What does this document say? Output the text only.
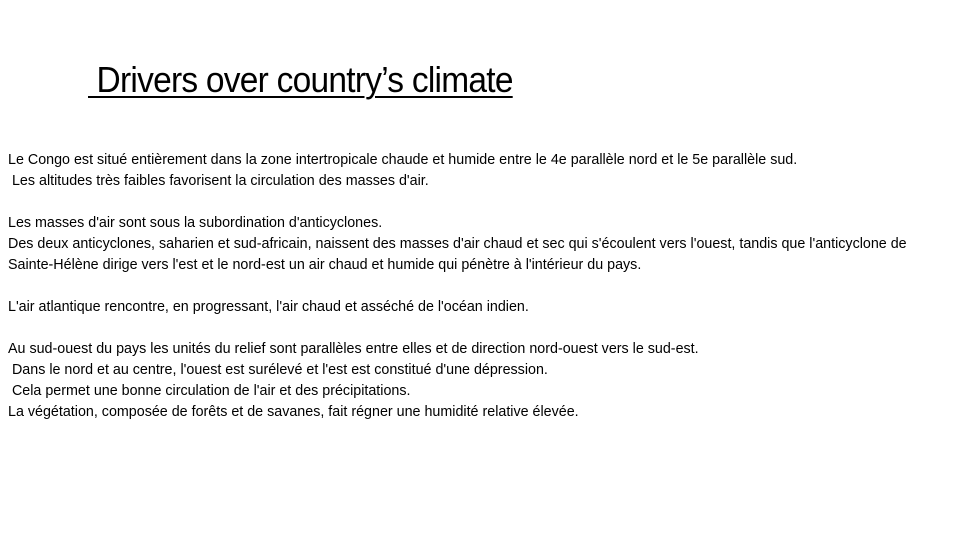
Drivers over country’s climate

Le Congo est situé entièrement dans la zone intertropicale chaude et humide entre le 4e parallèle nord et le 5e parallèle sud.
Les altitudes très faibles favorisent la circulation des masses d'air.

Les masses d'air sont sous la subordination d'anticyclones.
Des deux anticyclones, saharien et sud-africain, naissent des masses d'air chaud et sec qui s'écoulent vers l'ouest, tandis que l'anticyclone de Sainte-Hélène dirige vers l'est et le nord-est un air chaud et humide qui pénètre à l'intérieur du pays.

L'air atlantique rencontre, en progressant, l'air chaud et asséché de l'océan indien.

Au sud-ouest du pays les unités du relief sont parallèles entre elles et de direction nord-ouest vers le sud-est.
Dans le nord et au centre, l'ouest est surélevé et l'est est constitué d'une dépression.
Cela permet une bonne circulation de l'air et des précipitations.
La végétation, composée de forêts et de savanes, fait régner une humidité relative élevée.
